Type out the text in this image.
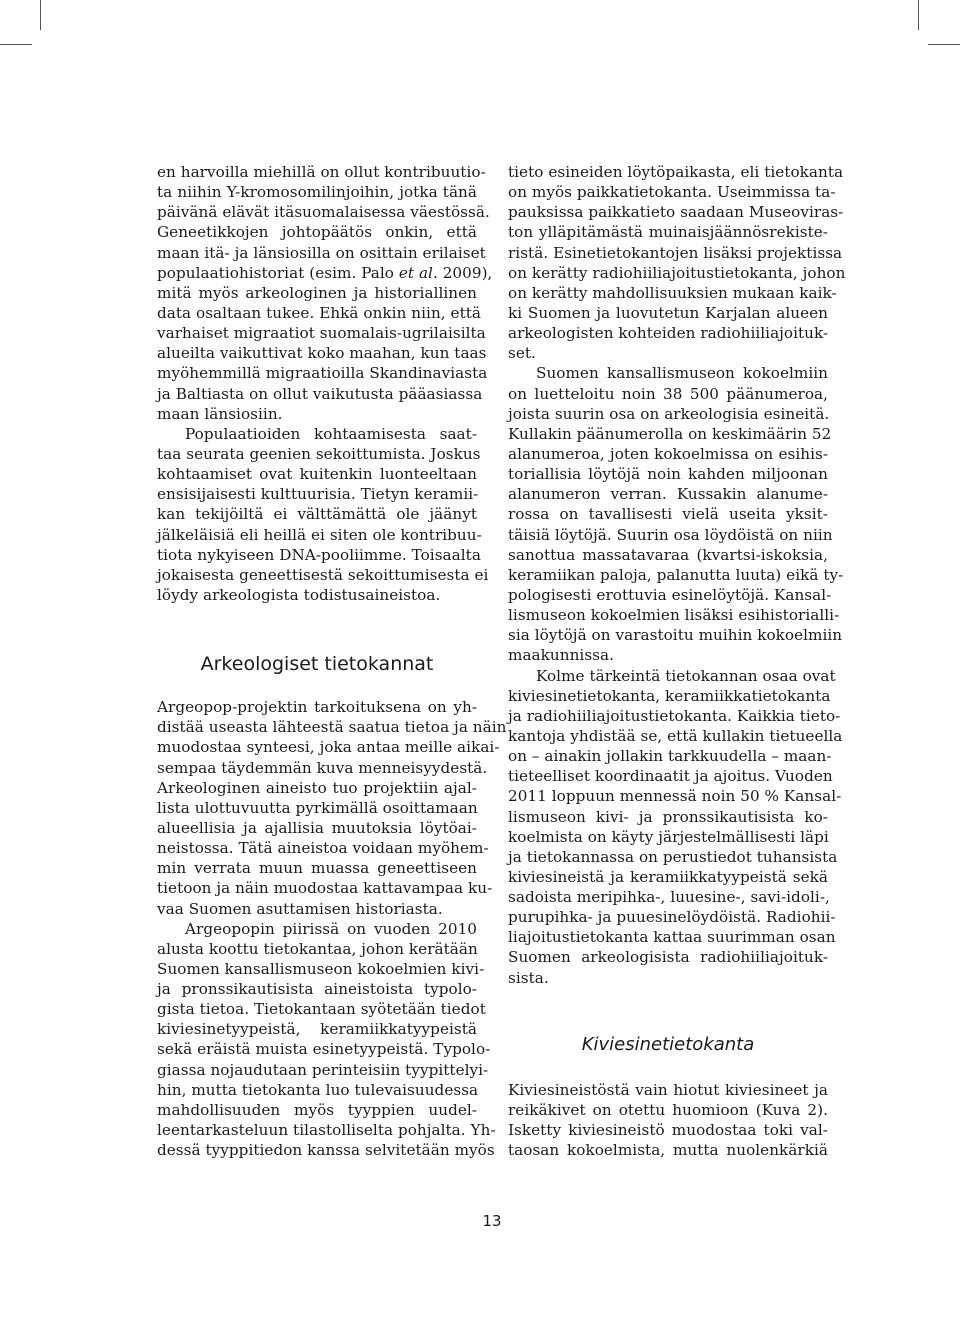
en harvoilla miehillä on ollut kontribuutio-
ta niihin Y-kromosomilinjoihin, jotka tänä
päivänä elävät itäsuomalaisessa väestössä.
Geneetikkojen johtopäätös onkin, että
maan itä- ja länsiosilla on osittain erilaiset
populaatiohistoriat (esim. Palo et al. 2009),
mitä myös arkeologinen ja historiallinen
data osaltaan tukee. Ehkä onkin niin, että
varhaiset migraatiot suomalais-ugrilaisilta
alueilta vaikuttivat koko maahan, kun taas
myöhemmillä migraatioilla Skandinaviasta
ja Baltiasta on ollut vaikutusta pääasiassa
maan länsiosiin.
Populaatioiden kohtaamisesta saat-
taa seurata geenien sekoittumista. Joskus
kohtaamiset ovat kuitenkin luonteeltaan
ensisijaisesti kulttuurisia. Tietyn keramii-
kan tekijöiltä ei välttämättä ole jäänyt
jälkeläisiä eli heillä ei siten ole kontribuu-
tiota nykyiseen DNA-pooliimme. Toisaalta
jokaisesta geneettisestä sekoittumisesta ei
löydy arkeologista todistusaineistoa.
Arkeologiset tietokannat
Argeopop-projektin tarkoituksena on yh-
distää useasta lähteestä saatua tietoa ja näin
muodostaa synteesi, joka antaa meille aikai-
sempaa täydemmän kuva menneisyydestä.
Arkeologinen aineisto tuo projektiin ajal-
lista ulottuvuutta pyrkimällä osoittamaan
alueellisia ja ajallisia muutoksia löytöai-
neistossa. Tätä aineistoa voidaan myöhem-
min verrata muun muassa geneettiseen
tietoon ja näin muodostaa kattavampaa ku-
vaa Suomen asuttamisen historiasta.
Argeopopin piirissä on vuoden 2010
alusta koottu tietokantaa, johon kerätään
Suomen kansallismuseon kokoelmien kivi-
ja pronssikautisista aineistoista typolo-
gista tietoa. Tietokantaan syötetään tiedot
kiviesinetyypeistä, keramiikkatyypeistä
sekä eräistä muista esinetyypeistä. Typolo-
giassa nojaudutaan perinteisiin tyypittelyi-
hin, mutta tietokanta luo tulevaisuudessa
mahdollisuuden myös tyyppien uudel-
leentarkasteluun tilastolliselta pohjalta. Yh-
dessä tyyppitiedon kanssa selvitetään myös
tieto esineiden löytöpaikasta, eli tietokanta
on myös paikkatietokanta. Useimmissa ta-
pauksissa paikkatieto saadaan Museoviras-
ton ylläpitämästä muinaisjäännösrekiste-
ristä. Esinetietokantojen lisäksi projektissa
on kerätty radiohiiliajoitustietokanta, johon
on kerätty mahdollisuuksien mukaan kaik-
ki Suomen ja luovutetun Karjalan alueen
arkeologisten kohteiden radiohiiliajoituk-
set.
Suomen kansallismuseon kokoelmiin
on luetteloitu noin 38 500 päänumeroa,
joista suurin osa on arkeologisia esineitä.
Kullakin päänumerolla on keskimäärin 52
alanumeroa, joten kokoelmissa on esihis-
toriallisia löytöjä noin kahden miljoonan
alanumeron verran. Kussakin alanume-
rossa on tavallisesti vielä useita yksit-
täisiä löytöjä. Suurin osa löydöistä on niin
sanottua massatavaraa (kvartsi-iskoksia,
keramiikan paloja, palanutta luuta) eikä ty-
pologisesti erottuvia esinelöytöjä. Kansal-
lismuseon kokoelmien lisäksi esihistorialli-
sia löytöjä on varastoitu muihin kokoelmiin
maakunnissa.
Kolme tärkeintä tietokannan osaa ovat
kiviesinetietokanta, keramiikkatietokanta
ja radiohiiliajoitustietokanta. Kaikkia tieto-
kantoja yhdistää se, että kullakin tietueella
on – ainakin jollakin tarkkuudella – maan-
tieteelliset koordinaatit ja ajoitus. Vuoden
2011 loppuun mennessä noin 50 % Kansal-
lismuseon kivi- ja pronssikautisista ko-
koelmista on käyty järjestelmällisesti läpi
ja tietokannassa on perustiedot tuhansista
kiviesineistä ja keramiikkatyypeistä sekä
sadoista meripihka-, luuesine-, savi-idoli-,
purupihka- ja puuesinelöydöistä. Radiohii-
liajoitustietokanta kattaa suurimman osan
Suomen arkeologisista radiohiiliajoituk-
sista.
Kiviesinetietokanta
Kiviesineistöstä vain hiotut kiviesineet ja
reikäkivet on otettu huomioon (Kuva 2).
Isketty kiviesineistö muodostaa toki val-
taosan kokoelmista, mutta nuolenkärkiä
13
